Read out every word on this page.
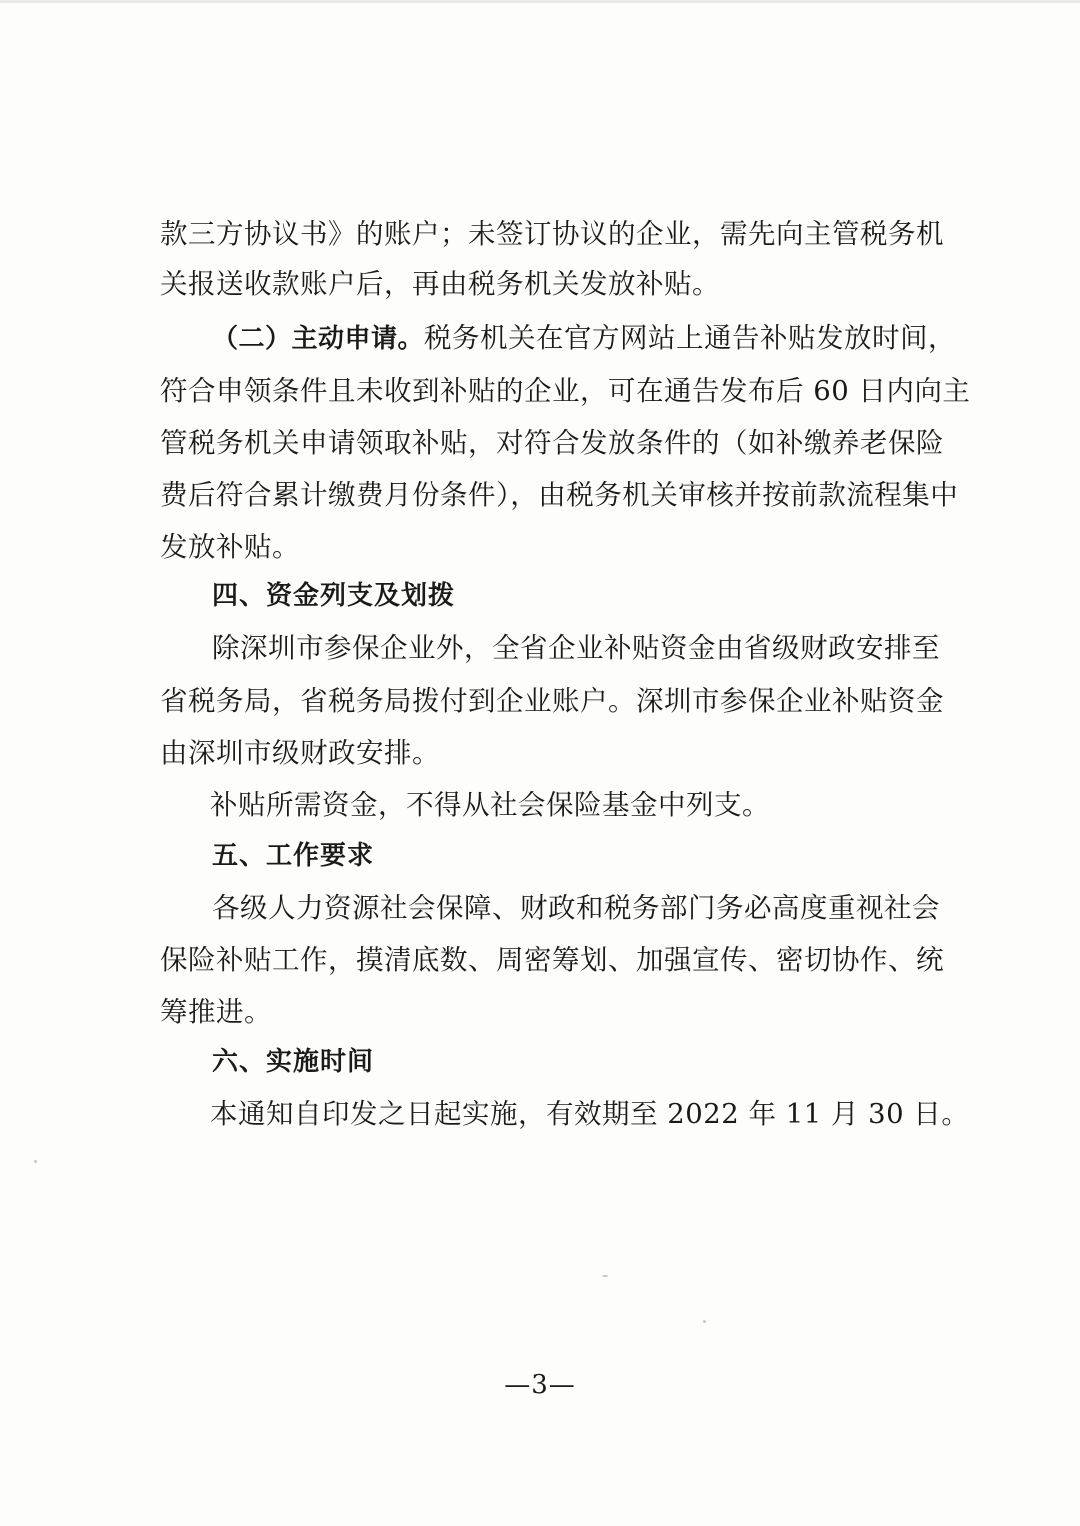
款三方协议书》的账户；未签订协议的企业，需先向主管税务机
关报送收款账户后，再由税务机关发放补贴。
（二）主动申请。税务机关在官方网站上通告补贴发放时间，
符合申领条件且未收到补贴的企业，可在通告发布后 60 日内向主
管税务机关申请领取补贴，对符合发放条件的（如补缴养老保险
费后符合累计缴费月份条件），由税务机关审核并按前款流程集中
发放补贴。
四、资金列支及划拨
除深圳市参保企业外，全省企业补贴资金由省级财政安排至
省税务局，省税务局拨付到企业账户。深圳市参保企业补贴资金
由深圳市级财政安排。
补贴所需资金，不得从社会保险基金中列支。
五、工作要求
各级人力资源社会保障、财政和税务部门务必高度重视社会
保险补贴工作，摸清底数、周密筹划、加强宣传、密切协作、统
筹推进。
六、实施时间
本通知自印发之日起实施，有效期至 2022 年 11 月 30 日。
—3—
